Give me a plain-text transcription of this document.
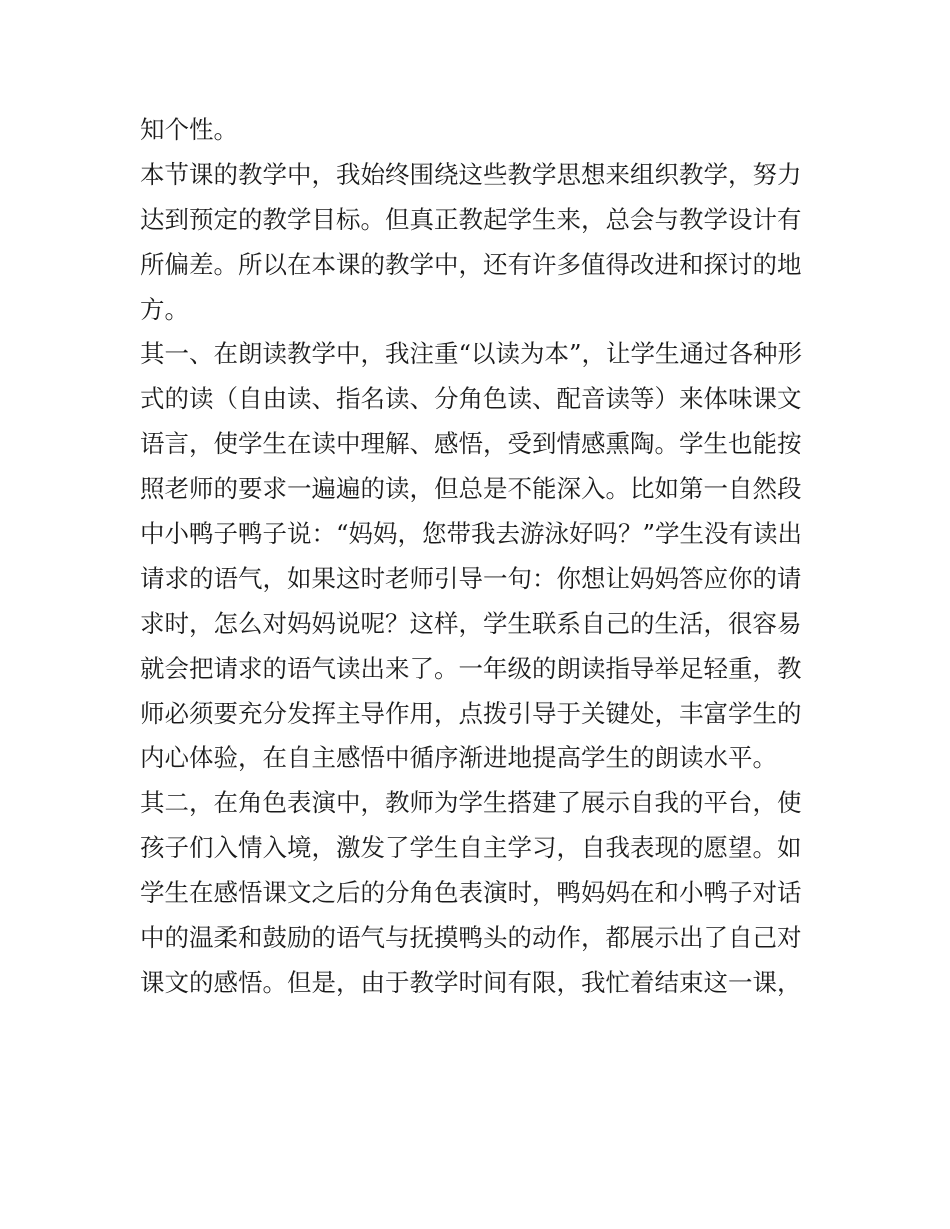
知个性。
本节课的教学中，我始终围绕这些教学思想来组织教学，努力
达到预定的教学目标。但真正教起学生来，总会与教学设计有
所偏差。所以在本课的教学中，还有许多值得改进和探讨的地
方。
其一、在朗读教学中，我注重“以读为本”，让学生通过各种形
式的读（自由读、指名读、分角色读、配音读等）来体味课文
语言，使学生在读中理解、感悟，受到情感熏陶。学生也能按
照老师的要求一遍遍的读，但总是不能深入。比如第一自然段
中小鸭子鸭子说：“妈妈，您带我去游泳好吗？”学生没有读出
请求的语气，如果这时老师引导一句：你想让妈妈答应你的请
求时，怎么对妈妈说呢？这样，学生联系自己的生活，很容易
就会把请求的语气读出来了。一年级的朗读指导举足轻重，教
师必须要充分发挥主导作用，点拨引导于关键处，丰富学生的
内心体验，在自主感悟中循序渐进地提高学生的朗读水平。
其二，在角色表演中，教师为学生搭建了展示自我的平台，使
孩子们入情入境，激发了学生自主学习，自我表现的愿望。如
学生在感悟课文之后的分角色表演时，鸭妈妈在和小鸭子对话
中的温柔和鼓励的语气与抚摸鸭头的动作，都展示出了自己对
课文的感悟。但是，由于教学时间有限，我忙着结束这一课，
